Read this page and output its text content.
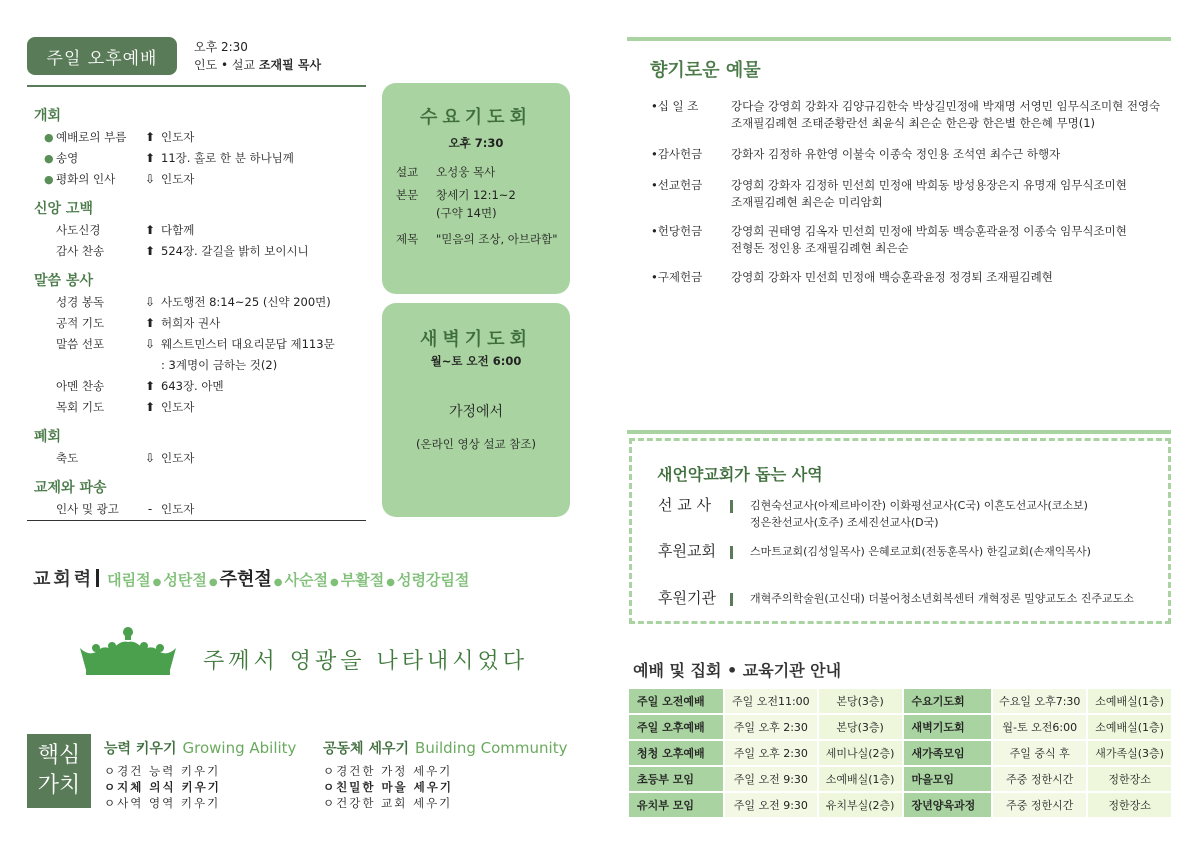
주일 오후예배
오후 2:30
인도 • 설교 조재필 목사
개회
● 예배로의 부름 ⬆ 인도자
● 송영	⬆ 11장. 홀로 한 분 하나님께
● 평화의 인사 ⇩ 인도자
신앙 고백
사도신경	⬆ 다함께
감사 찬송	⬆ 524장. 갈길을 밝히 보이시니
말씀 봉사
성경 봉독	⇩ 사도행전 8:14~25 (신약 200면)
공적 기도	⬆ 허희자 권사
말씀 선포	⇩ 웨스트민스터 대요리문답 제113문
: 3계명이 금하는 것(2)
아멘 찬송	⬆ 643장. 아멘
목회 기도	⬆ 인도자
폐회
축도	⇩ 인도자
교제와 파송
인사 및 광고	- 인도자
수요기도회
오후 7:30
설교	오성웅 목사
본문	창세기 12:1~2
(구약 14면)
제목	"믿음의 조상, 아브라함"
새벽기도회
월~토 오전 6:00
가정에서
(온라인 영상 설교 참조)
교회력 대림절 ● 성탄절 ● 주현절 ● 사순절 ● 부활절 ● 성령강림절
주께서 영광을 나타내시었다
핵심
가치
능력 키우기 Growing Ability
ㅇ경건 능력 키우기
ㅇ지체 의식 키우기
ㅇ사역 영역 키우기
공동체 세우기 Building Community
ㅇ경건한 가정 세우기
ㅇ친밀한 마을 세우기
ㅇ건강한 교회 세우기
향기로운 예물
•십 일 조	강다슬 강영희 강화자 김양규김한숙 박상길민정애 박재명 서영민 임무식조미현 전영숙
조재필김례현 조태준황란선 최윤식 최은순 한은광 한은별 한은혜 무명(1)
•감사헌금	강화자 김정하 유한영 이불숙 이종숙 정인용 조석연 최수근 하행자
•선교헌금	강영희 강화자 김정하 민선희 민정애 박희동 방성용장은지 유명재 임무식조미현
조재필김례현 최은순 미리암회
•헌당헌금	강영희 권태영 김옥자 민선희 민정애 박희동 백승훈곽윤정 이종숙 임무식조미현
전형돈 정인용 조재필김례현 최은순
•구제헌금	강영희 강화자 민선희 민정애 백승훈곽윤정 정경퇴 조재필김례현
새언약교회가 돕는 사역
선 교 사	김현숙선교사(아제르바이잔) 이화평선교사(C국) 이흔도선교사(코소보)
정은찬선교사(호주) 조세진선교사(D국)
후원교회	스마트교회(김성일목사) 은혜로교회(전동훈목사) 한길교회(손재익목사)
후원기관	개혁주의학술원(고신대) 더불어청소년회복센터 개혁정론 밀양교도소 진주교도소
예배 및 집회 • 교육기관 안내
주일 오전예배	주일 오전11:00	본당(3층)	수요기도회	수요일 오후7:30	소예배실(1층)
주일 오후예배	주일 오후 2:30	본당(3층)	새벽기도회	월-토 오전6:00	소예배실(1층)
청청 오후예배	주일 오후 2:30	세미나실(2층)	새가족모임	주일 중식 후	새가족실(3층)
초등부 모임	주일 오전 9:30	소예배실(1층)	마을모임	주중 정한시간	정한장소
유치부 모임	주일 오전 9:30	유치부실(2층)	장년양육과정	주중 정한시간	정한장소
